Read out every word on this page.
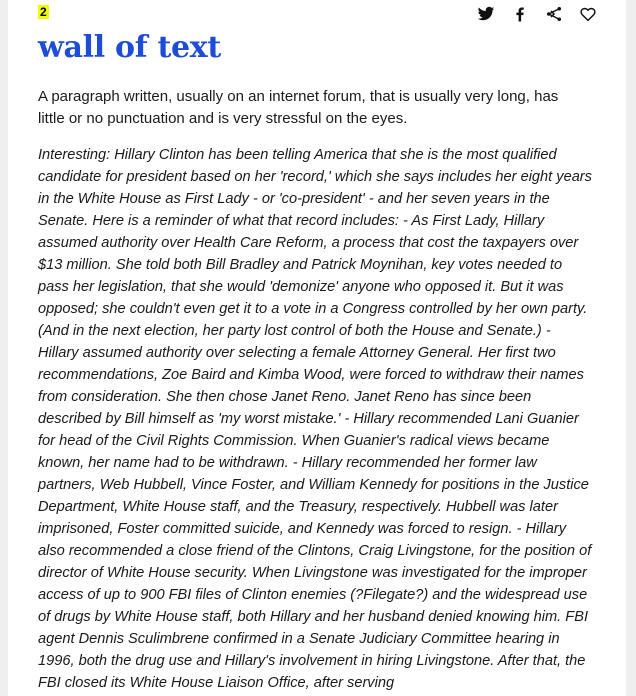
2
wall of text

A paragraph written, usually on an internet forum, that is usually very long, has little or no punctuation and is very stressful on the eyes.

Interesting: Hillary Clinton has been telling America that she is the most qualified candidate for president based on her 'record,' which she says includes her eight years in the White House as First Lady - or 'co-president' - and her seven years in the Senate. Here is a reminder of what that record includes: - As First Lady, Hillary assumed authority over Health Care Reform, a process that cost the taxpayers over $13 million. She told both Bill Bradley and Patrick Moynihan, key votes needed to pass her legislation, that she would 'demonize' anyone who opposed it. But it was opposed; she couldn't even get it to a vote in a Congress controlled by her own party. (And in the next election, her party lost control of both the House and Senate.) - Hillary assumed authority over selecting a female Attorney General. Her first two recommendations, Zoe Baird and Kimba Wood, were forced to withdraw their names from consideration. She then chose Janet Reno. Janet Reno has since been described by Bill himself as 'my worst mistake.' - Hillary recommended Lani Guanier for head of the Civil Rights Commission. When Guanier's radical views became known, her name had to be withdrawn. - Hillary recommended her former law partners, Web Hubbell, Vince Foster, and William Kennedy for positions in the Justice Department, White House staff, and the Treasury, respectively. Hubbell was later imprisoned, Foster committed suicide, and Kennedy was forced to resign. - Hillary also recommended a close friend of the Clintons, Craig Livingstone, for the position of director of White House security. When Livingstone was investigated for the improper access of up to 900 FBI files of Clinton enemies (?Filegate?) and the widespread use of drugs by White House staff, both Hillary and her husband denied knowing him. FBI agent Dennis Sculimbrene confirmed in a Senate Judiciary Committee hearing in 1996, both the drug use and Hillary's involvement in hiring Livingstone. After that, the FBI closed its White House Liaison Office, after serving
